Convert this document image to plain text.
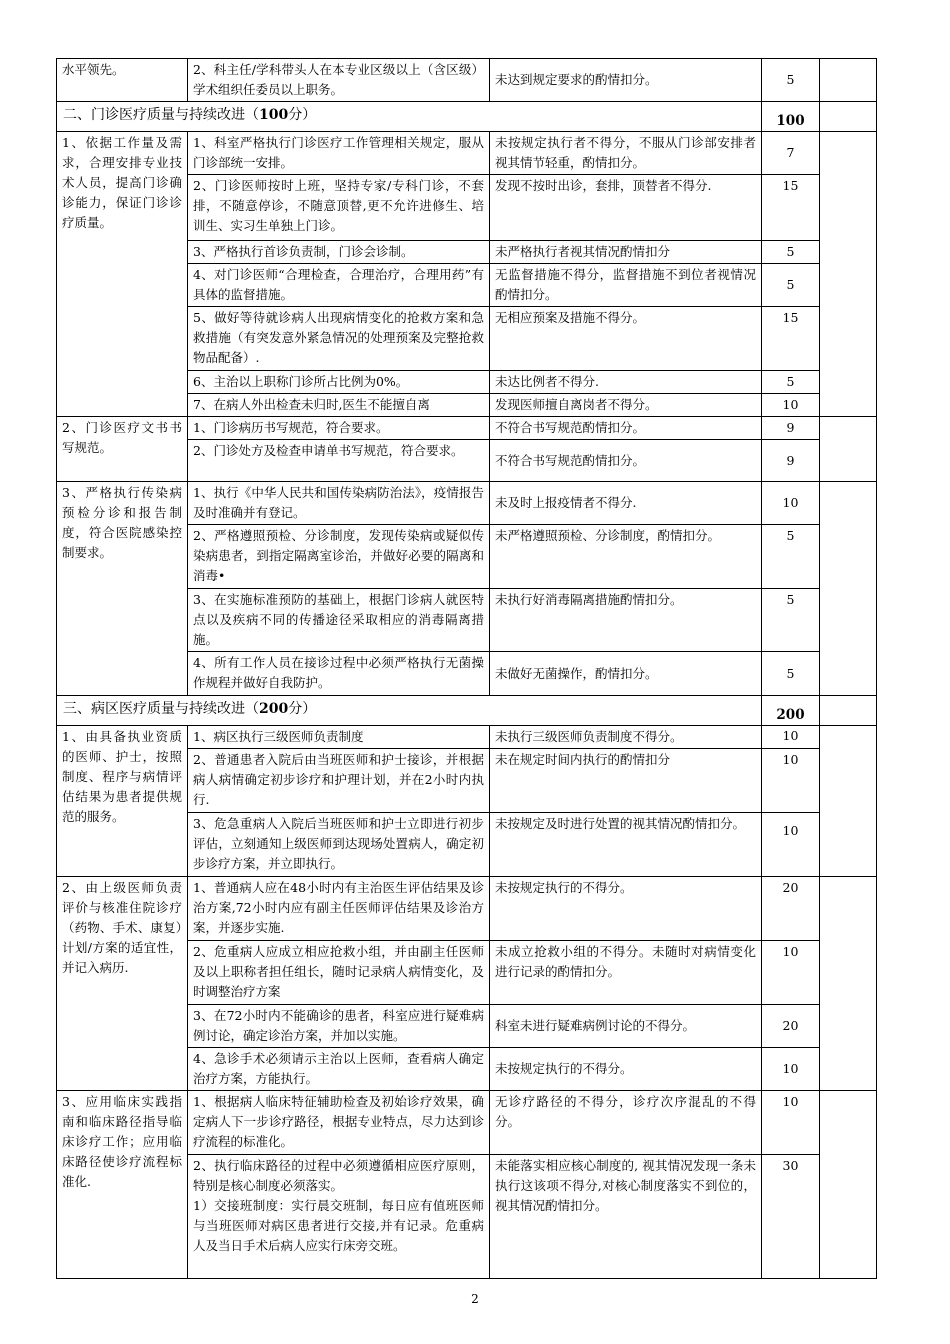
水平领先。	2、科主任/学科带头人在本专业区级以上（含区级）学术组织任委员以上职务。	未达到规定要求的酌情扣分。	5	
二、门诊医疗质量与持续改进（100分）			100	
1、依据工作量及需求，合理安排专业技术人员，提高门诊确诊能力，保证门诊诊疗质量。	1、科室严格执行门诊医疗工作管理相关规定，服从门诊部统一安排。	未按规定执行者不得分，不服从门诊部安排者视其情节轻重，酌情扣分。	7	
	2、门诊医师按时上班，坚持专家/专科门诊，不套排，不随意停诊，不随意顶替,更不允许进修生、培训生、实习生单独上门诊。	发现不按时出诊，套排，顶替者不得分.	15	
	3、严格执行首诊负责制，门诊会诊制。	未严格执行者视其情况酌情扣分	5	
	4、对门诊医师“合理检查，合理治疗，合理用药”有具体的监督措施。	无监督措施不得分，监督措施不到位者视情况酌情扣分。	5	
	5、做好等待就诊病人出现病情变化的抢救方案和急救措施（有突发意外紧急情况的处理预案及完整抢救物品配备）.	无相应预案及措施不得分。	15	
	6、主治以上职称门诊所占比例为0%。	未达比例者不得分.	5	
	7、在病人外出检查未归时,医生不能擅自离	发现医师擅自离岗者不得分。	10	
2、门诊医疗文书书写规范。	1、门诊病历书写规范，符合要求。	不符合书写规范酌情扣分。	9	
	2、门诊处方及检查申请单书写规范，符合要求。	不符合书写规范酌情扣分。	9	
3、严格执行传染病预检分诊和报告制度，符合医院感染控制要求。	1、执行《中华人民共和国传染病防治法》，疫情报告及时准确并有登记。	未及时上报疫情者不得分.	10	
	2、严格遵照预检、分诊制度，发现传染病或疑似传染病患者，到指定隔离室诊治，并做好必要的隔离和消毒•	未严格遵照预检、分诊制度，酌情扣分。	5	
	3、在实施标准预防的基础上，根据门诊病人就医特点以及疾病不同的传播途径采取相应的消毒隔离措施。	未执行好消毒隔离措施酌情扣分。	5	
	4、所有工作人员在接诊过程中必须严格执行无菌操作规程并做好自我防护。	未做好无菌操作，酌情扣分。	5	
三、病区医疗质量与持续改进（200分）			200	
1、由具备执业资质的医师、护士，按照制度、程序与病情评估结果为患者提供规范的服务。	1、病区执行三级医师负责制度	未执行三级医师负责制度不得分。	10	
	2、普通患者入院后由当班医师和护士接诊，并根据病人病情确定初步诊疗和护理计划，并在2小时内执行.	未在规定时间内执行的酌情扣分	10	
	3、危急重病人入院后当班医师和护士立即进行初步评估，立刻通知上级医师到达现场处置病人，确定初步诊疗方案，并立即执行。	未按规定及时进行处置的视其情况酌情扣分。	10	
2、由上级医师负责评价与核准住院诊疗（药物、手术、康复）计划/方案的适宜性，并记入病历.	1、普通病人应在48小时内有主治医生评估结果及诊治方案,72小时内应有副主任医师评估结果及诊治方案，并逐步实施.	未按规定执行的不得分。	20	
	2、危重病人应成立相应抢救小组，并由副主任医师及以上职称者担任组长，随时记录病人病情变化，及时调整治疗方案	未成立抢救小组的不得分。未随时对病情变化进行记录的酌情扣分。	10	
	3、在72小时内不能确诊的患者，科室应进行疑难病例讨论，确定诊治方案，并加以实施。	科室未进行疑难病例讨论的不得分。	20	
	4、急诊手术必须请示主治以上医师，查看病人确定治疗方案，方能执行。	未按规定执行的不得分。	10	
3、应用临床实践指南和临床路径指导临床诊疗工作；应用临床路径使诊疗流程标准化.	1、根据病人临床特征辅助检查及初始诊疗效果，确定病人下一步诊疗路径，根据专业特点，尽力达到诊疗流程的标准化。	无诊疗路径的不得分，诊疗次序混乱的不得分。	10	

	2、执行临床路径的过程中必须遵循相应医疗原则，特别是核心制度必须落实。
1）交接班制度：实行晨交班制，每日应有值班医师与当班医师对病区患者进行交接,并有记录。危重病人及当日手术后病人应实行床旁交班。	未能落实相应核心制度的, 视其情况发现一条未执行这该项不得分,对核心制度落实不到位的，视其情况酌情扣分。	30	
2
